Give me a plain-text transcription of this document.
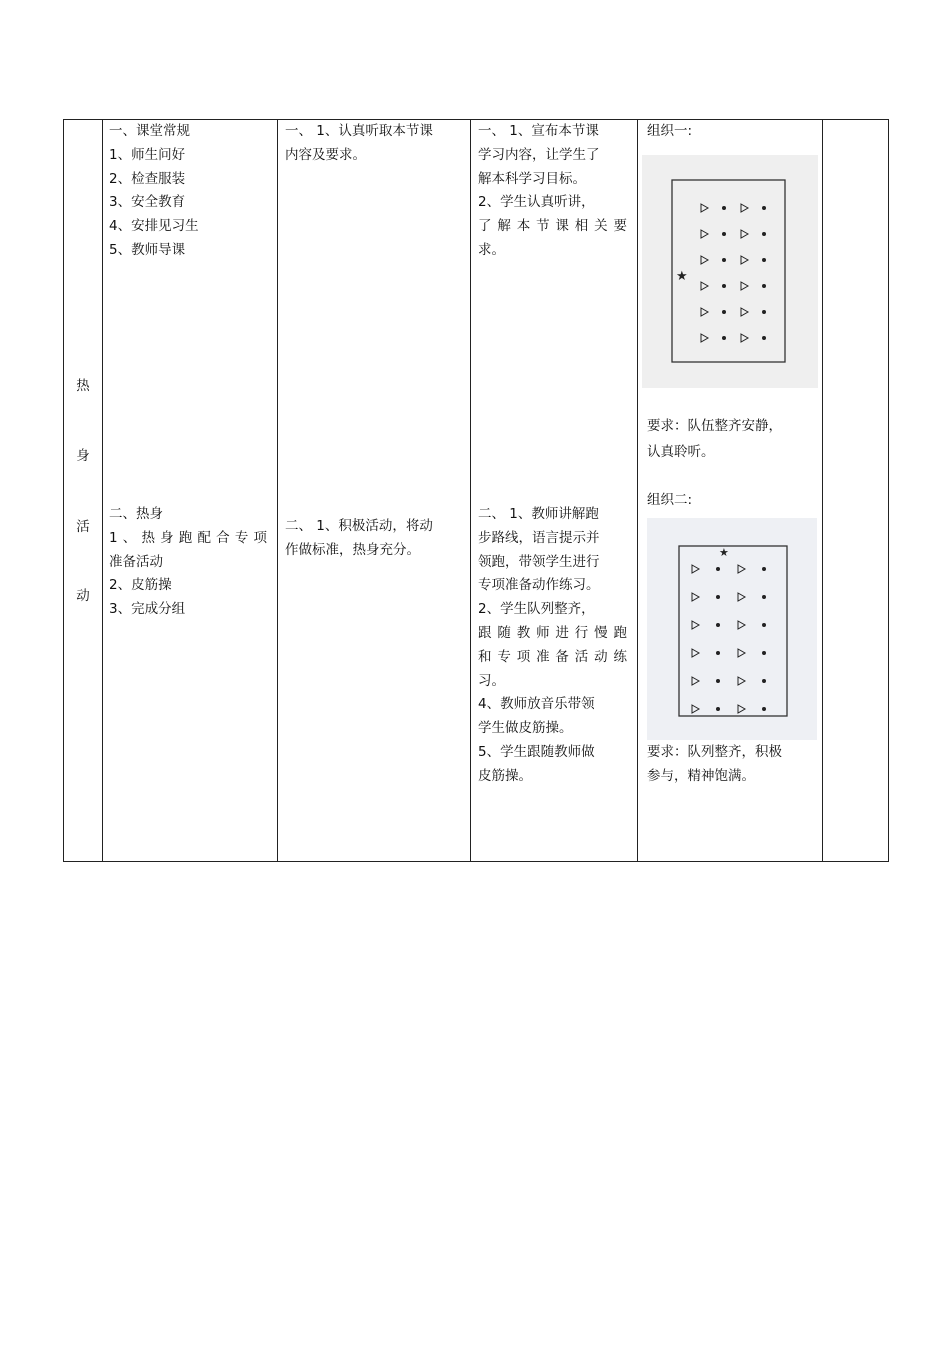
热
身
活
动
一、课堂常规
1、师生问好
2、检查服装
3、安全教育
4、安排见习生
5、教师导课
二、热身
1、热身跑配合专项
准备活动
2、皮筋操
3、完成分组
一、 1、认真听取本节课
内容及要求。
二、 1、积极活动，将动
作做标准，热身充分。
一、 1、宣布本节课
学习内容，让学生了
解本科学习目标。
2、学生认真听讲，
了解本节课相关要
求。
二、 1、教师讲解跑
步路线，语言提示并
领跑，带领学生进行
专项准备动作练习。
2、学生队列整齐，
跟随教师进行慢跑
和专项准备活动练
习。
4、教师放音乐带领
学生做皮筋操。
5、学生跟随教师做
皮筋操。
组织一:
★
要求：队伍整齐安静，
认真聆听。
组织二:
★
要求：队列整齐，积极
参与，精神饱满。
